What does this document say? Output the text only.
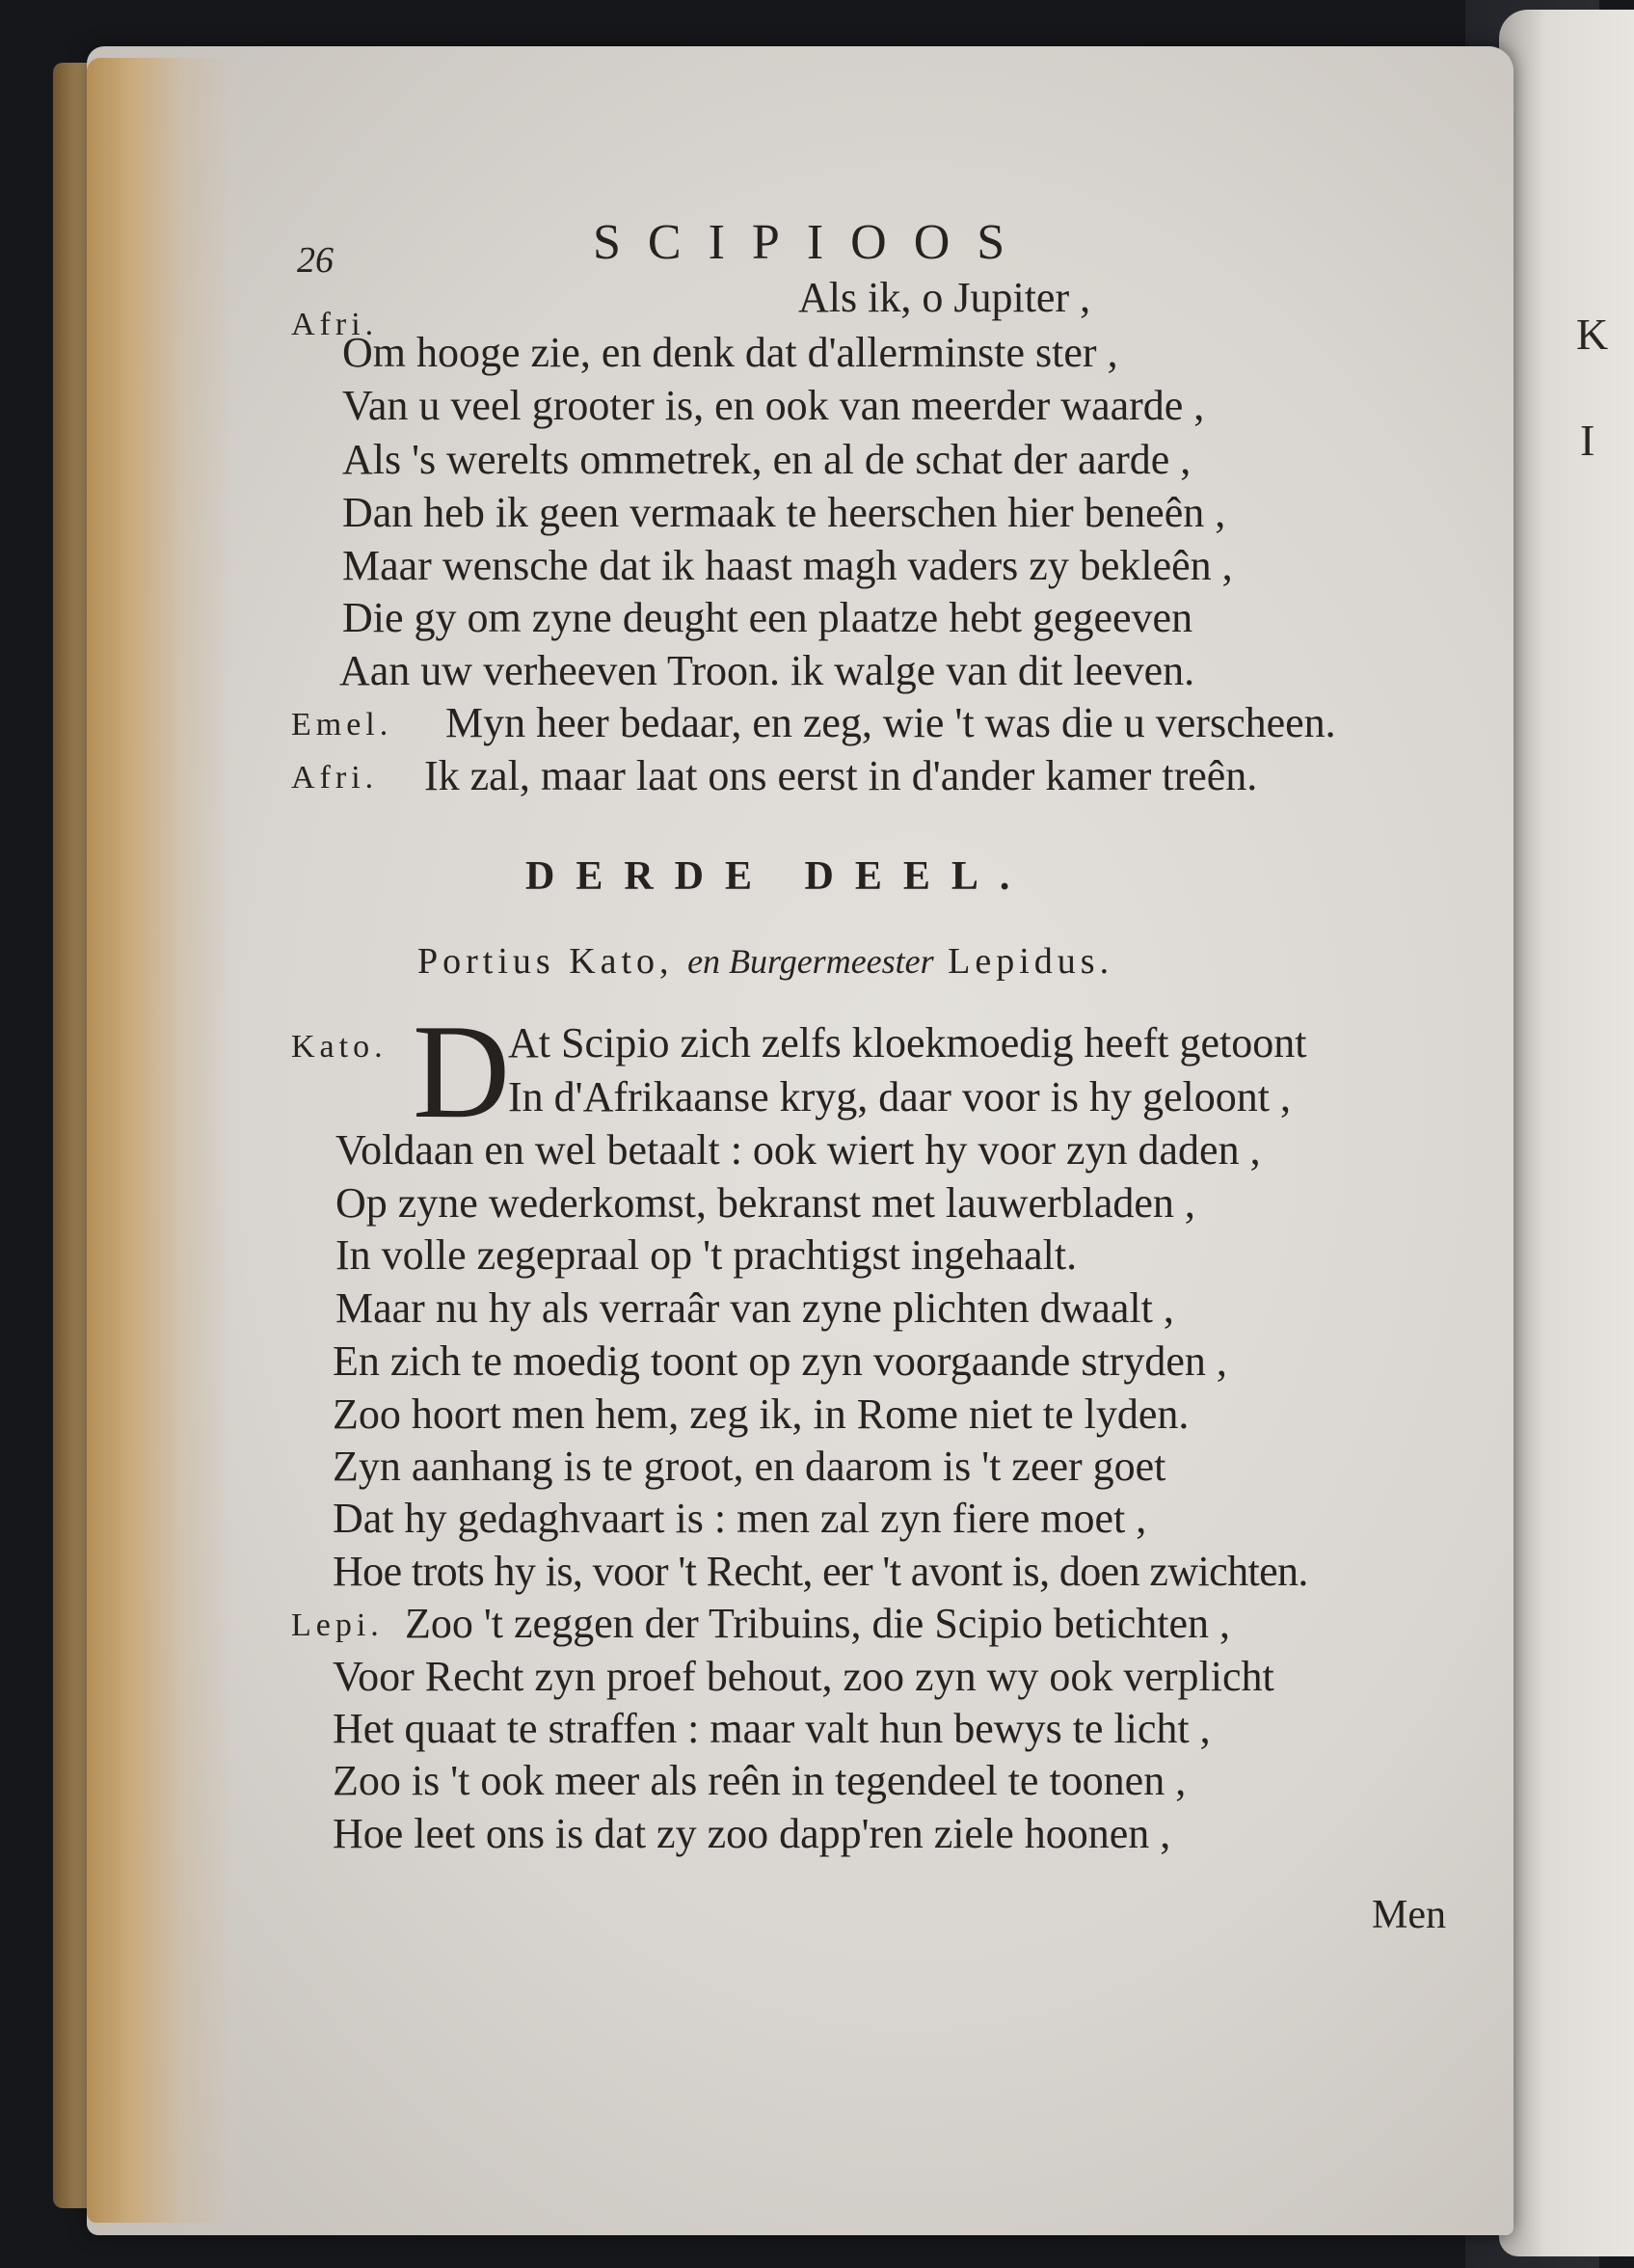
K
I
26	SCIPIOOS
Afri.
Als ik, o Jupiter ,
Om hooge zie, en denk dat d'allerminste ster ,
Van u veel grooter is, en ook van meerder waarde ,
Als 's werelts ommetrek, en al de schat der aarde ,
Dan heb ik geen vermaak te heerschen hier beneên ,
Maar wensche dat ik haast magh vaders zy bekleên ,
Die gy om zyne deught een plaatze hebt gegeeven
Aan uw verheeven Troon. ik walge van dit leeven.
Emel. Myn heer bedaar, en zeg, wie 't was die u verscheen.
Afri. Ik zal, maar laat ons eerst in d'ander kamer treên.
DERDE DEEL.
Portius Kato, en Burgermeester Lepidus.
Kato. D
At Scipio zich zelfs kloekmoedig heeft getoont
In d'Afrikaanse kryg, daar voor is hy geloont ,
Voldaan en wel betaalt : ook wiert hy voor zyn daden ,
Op zyne wederkomst, bekranst met lauwerbladen ,
In volle zegepraal op 't prachtigst ingehaalt.
Maar nu hy als verraâr van zyne plichten dwaalt ,
En zich te moedig toont op zyn voorgaande stryden ,
Zoo hoort men hem, zeg ik, in Rome niet te lyden.
Zyn aanhang is te groot, en daarom is 't zeer goet
Dat hy gedaghvaart is : men zal zyn fiere moet ,
Hoe trots hy is, voor 't Recht, eer 't avont is, doen zwichten.
Lepi. Zoo 't zeggen der Tribuins, die Scipio betichten ,
Voor Recht zyn proef behout, zoo zyn wy ook verplicht
Het quaat te straffen : maar valt hun bewys te licht ,
Zoo is 't ook meer als reên in tegendeel te toonen ,
Hoe leet ons is dat zy zoo dapp'ren ziele hoonen ,
Men
